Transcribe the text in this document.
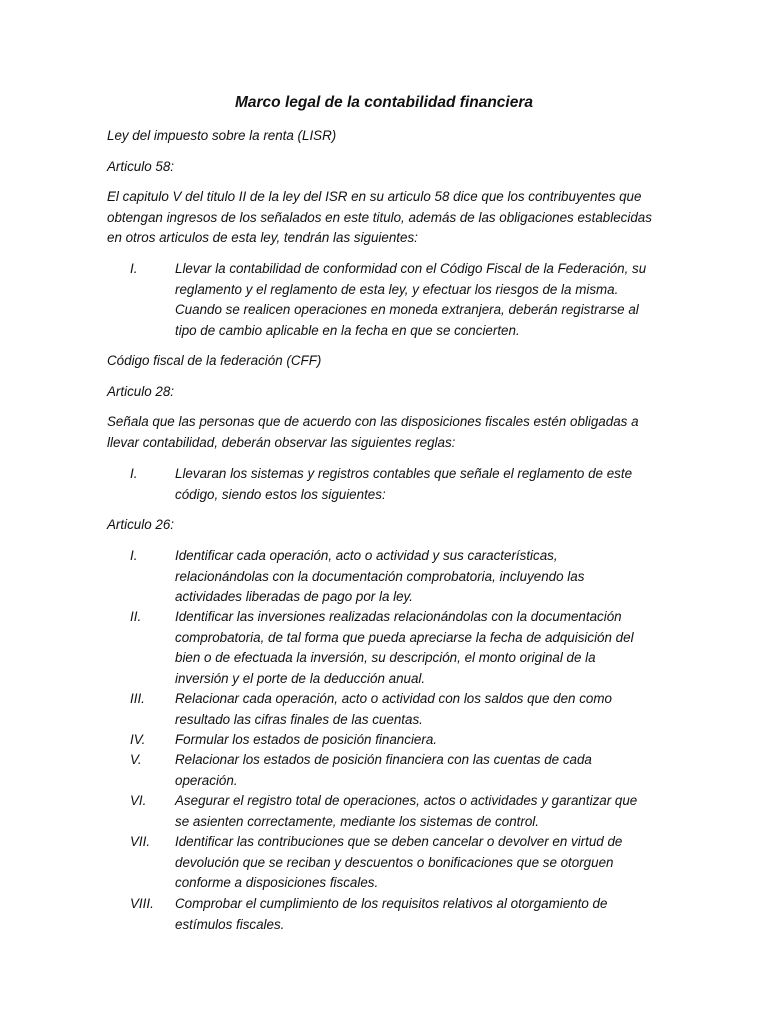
Marco legal de la contabilidad financiera
Ley del impuesto sobre la renta (LISR)
Articulo 58:
El capitulo V del titulo II de la ley del ISR en su articulo 58 dice que los contribuyentes que
obtengan ingresos de los señalados en este titulo, además de las obligaciones establecidas
en otros articulos de esta ley, tendrán las siguientes:
I.	Llevar la contabilidad de conformidad con el Código Fiscal de la Federación, su
reglamento y el reglamento de esta ley, y efectuar los riesgos de la misma.
Cuando se realicen operaciones en moneda extranjera, deberán registrarse al
tipo de cambio aplicable en la fecha en que se concierten.
Código fiscal de la federación (CFF)
Articulo 28:
Señala que las personas que de acuerdo con las disposiciones fiscales estén obligadas a
llevar contabilidad, deberán observar las siguientes reglas:
I.	Llevaran los sistemas y registros contables que señale el reglamento de este
código, siendo estos los siguientes:
Articulo 26:
I.	Identificar cada operación, acto o actividad y sus características,
relacionándolas con la documentación comprobatoria, incluyendo las
actividades liberadas de pago por la ley.
II.	Identificar las inversiones realizadas relacionándolas con la documentación
comprobatoria, de tal forma que pueda apreciarse la fecha de adquisición del
bien o de efectuada la inversión, su descripción, el monto original de la
inversión y el porte de la deducción anual.
III. Relacionar cada operación, acto o actividad con los saldos que den como
resultado las cifras finales de las cuentas.
IV. Formular los estados de posición financiera.
V. Relacionar los estados de posición financiera con las cuentas de cada
operación.
VI. Asegurar el registro total de operaciones, actos o actividades y garantizar que
se asienten correctamente, mediante los sistemas de control.
VII. Identificar las contribuciones que se deben cancelar o devolver en virtud de
devolución que se reciban y descuentos o bonificaciones que se otorguen
conforme a disposiciones fiscales.
VIII. Comprobar el cumplimiento de los requisitos relativos al otorgamiento de
estímulos fiscales.
